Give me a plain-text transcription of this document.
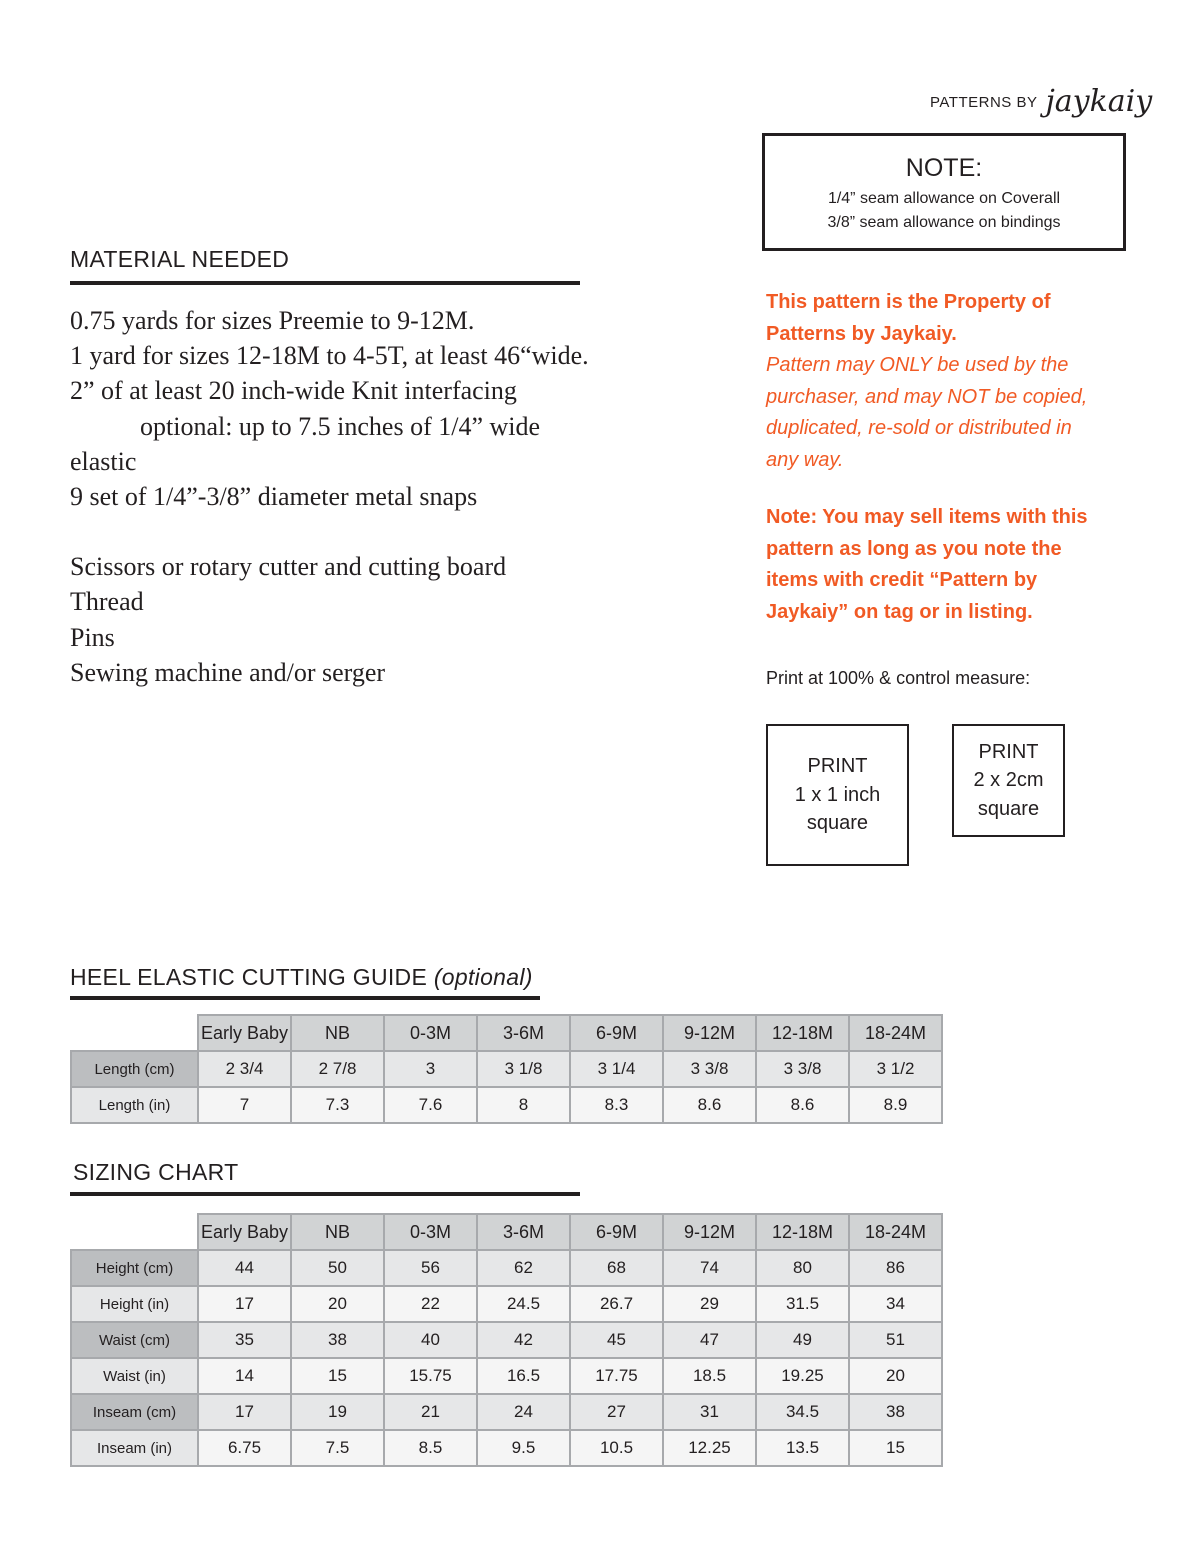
PATTERNS BY jaykaiy
NOTE:
1/4” seam allowance on Coverall
3/8” seam allowance on bindings
MATERIAL NEEDED
0.75 yards for sizes Preemie to 9-12M.
1 yard for sizes 12-18M to 4-5T, at least 46“wide.
2” of at least 20 inch-wide Knit interfacing
optional: up to 7.5 inches of 1/4” wide
elastic
9 set of 1/4”-3/8” diameter metal snaps
Scissors or rotary cutter and cutting board
Thread
Pins
Sewing machine and/or serger
This pattern is the Property of
Patterns by Jaykaiy.
Pattern may ONLY be used by the
purchaser, and may NOT be copied,
duplicated, re-sold or distributed in
any way.
Note: You may sell items with this
pattern as long as you note the
items with credit “Pattern by
Jaykaiy” on tag or in listing.
Print at 100% & control measure:
PRINT
1 x 1 inch
square
PRINT
2 x 2cm
square
HEEL ELASTIC CUTTING GUIDE (optional)
	Early Baby	NB	0-3M	3-6M	6-9M	9-12M	12-18M	18-24M
Length (cm)	2 3/4	2 7/8	3	3 1/8	3 1/4	3 3/8	3 3/8	3 1/2
Length (in)	7	7.3	7.6	8	8.3	8.6	8.6	8.9
SIZING CHART
	Early Baby	NB	0-3M	3-6M	6-9M	9-12M	12-18M	18-24M
Height (cm)	44	50	56	62	68	74	80	86
Height (in)	17	20	22	24.5	26.7	29	31.5	34
Waist (cm)	35	38	40	42	45	47	49	51
Waist (in)	14	15	15.75	16.5	17.75	18.5	19.25	20
Inseam (cm)	17	19	21	24	27	31	34.5	38
Inseam (in)	6.75	7.5	8.5	9.5	10.5	12.25	13.5	15
